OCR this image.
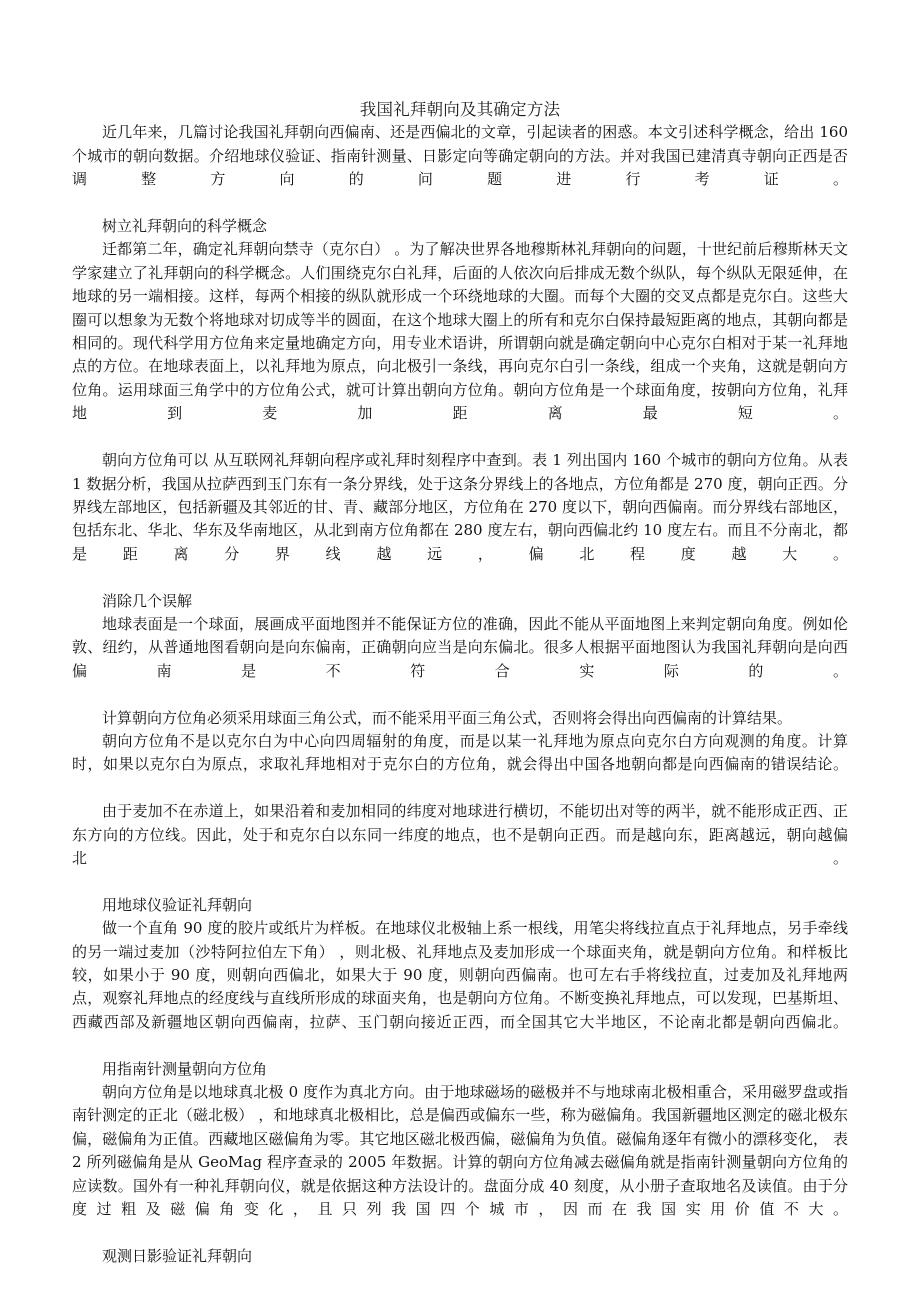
我国礼拜朝向及其确定方法

近几年来，几篇讨论我国礼拜朝向西偏南、还是西偏北的文章，引起读者的困惑。本文引述科学概念，给出 160 个城市的朝向数据。介绍地球仪验证、指南针测量、日影定向等确定朝向的方法。并对我国已建清真寺朝向正西是否调整方向的问题进行考证。

树立礼拜朝向的科学概念

迁都第二年，确定礼拜朝向禁寺（克尔白） 。为了解决世界各地穆斯林礼拜朝向的问题，十世纪前后穆斯林天文学家建立了礼拜朝向的科学概念。人们围绕克尔白礼拜，后面的人依次向后排成无数个纵队，每个纵队无限延伸，在地球的另一端相接。这样，每两个相接的纵队就形成一个环绕地球的大圈。而每个大圈的交叉点都是克尔白。这些大圈可以想象为无数个将地球对切成等半的圆面，在这个地球大圈上的所有和克尔白保持最短距离的地点，其朝向都是相同的。现代科学用方位角来定量地确定方向，用专业术语讲，所谓朝向就是确定朝向中心克尔白相对于某一礼拜地点的方位。在地球表面上，以礼拜地为原点，向北极引一条线，再向克尔白引一条线，组成一个夹角，这就是朝向方位角。运用球面三角学中的方位角公式，就可计算出朝向方位角。朝向方位角是一个球面角度，按朝向方位角，礼拜地到麦加距离最短。

朝向方位角可以 从互联网礼拜朝向程序或礼拜时刻程序中查到。表 1 列出国内 160 个城市的朝向方位角。从表 1 数据分析，我国从拉萨西到玉门东有一条分界线，处于这条分界线上的各地点，方位角都是 270 度，朝向正西。分界线左部地区，包括新疆及其邻近的甘、青、藏部分地区，方位角在 270 度以下，朝向西偏南。而分界线右部地区，包括东北、华北、华东及华南地区，从北到南方位角都在 280 度左右，朝向西偏北约 10 度左右。而且不分南北，都是距离分界线越远，偏北程度越大。

消除几个误解

地球表面是一个球面，展画成平面地图并不能保证方位的准确，因此不能从平面地图上来判定朝向角度。例如伦敦、纽约，从普通地图看朝向是向东偏南，正确朝向应当是向东偏北。很多人根据平面地图认为我国礼拜朝向是向西偏南是不符合实际的。

计算朝向方位角必须采用球面三角公式，而不能采用平面三角公式，否则将会得出向西偏南的计算结果。

朝向方位角不是以克尔白为中心向四周辐射的角度，而是以某一礼拜地为原点向克尔白方向观测的角度。计算时，如果以克尔白为原点，求取礼拜地相对于克尔白的方位角，就会得出中国各地朝向都是向西偏南的错误结论。

由于麦加不在赤道上，如果沿着和麦加相同的纬度对地球进行横切，不能切出对等的两半，就不能形成正西、正东方向的方位线。因此，处于和克尔白以东同一纬度的地点，也不是朝向正西。而是越向东，距离越远，朝向越偏北。

用地球仪验证礼拜朝向

做一个直角 90 度的胶片或纸片为样板。在地球仪北极轴上系一根线，用笔尖将线拉直点于礼拜地点，另手牵线的另一端过麦加（沙特阿拉伯左下角） ，则北极、礼拜地点及麦加形成一个球面夹角，就是朝向方位角。和样板比较，如果小于 90 度，则朝向西偏北，如果大于 90 度，则朝向西偏南。也可左右手将线拉直，过麦加及礼拜地两点，观察礼拜地点的经度线与直线所形成的球面夹角，也是朝向方位角。不断变换礼拜地点，可以发现，巴基斯坦、西藏西部及新疆地区朝向西偏南，拉萨、玉门朝向接近正西，而全国其它大半地区，不论南北都是朝向西偏北。

用指南针测量朝向方位角

朝向方位角是以地球真北极 0 度作为真北方向。由于地球磁场的磁极并不与地球南北极相重合，采用磁罗盘或指南针测定的正北（磁北极） ，和地球真北极相比，总是偏西或偏东一些，称为磁偏角。我国新疆地区测定的磁北极东偏，磁偏角为正值。西藏地区磁偏角为零。其它地区磁北极西偏，磁偏角为负值。磁偏角逐年有微小的漂移变化， 表 2 所列磁偏角是从 GeoMag 程序查录的 2005 年数据。计算的朝向方位角减去磁偏角就是指南针测量朝向方位角的应读数。国外有一种礼拜朝向仪，就是依据这种方法设计的。盘面分成 40 刻度，从小册子查取地名及读值。由于分度过粗及磁偏角变化，且只列我国四个城市，因而在我国实用价值不大。

观测日影验证礼拜朝向
